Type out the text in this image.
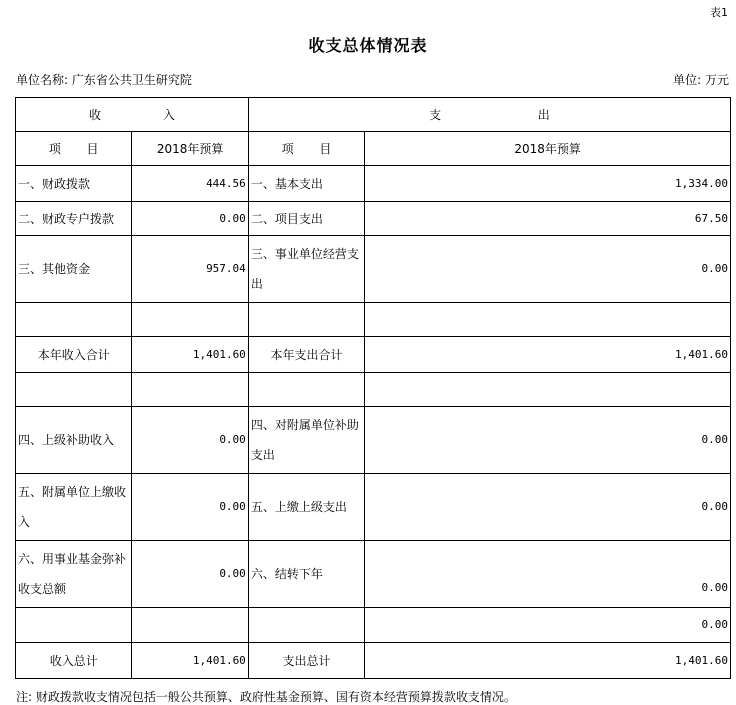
表1
收支总体情况表
单位名称: 广东省公共卫生研究院	单位: 万元
收 入		支 出	

项 目	2018年预算	项 目	2018年预算
一、财政拨款	444.56	一、基本支出	1,334.00
二、财政专户拨款	0.00	二、项目支出	67.50
三、其他资金	957.04	三、事业单位经营支出	0.00

本年收入合计	1,401.60	本年支出合计	1,401.60

四、上级补助收入	0.00	四、对附属单位补助支出	0.00
五、附属单位上缴收入	0.00	五、上缴上级支出	0.00
六、用事业基金弥补收支总额	0.00	六、结转下年	0.00
			0.00
收入总计	1,401.60	支出总计	1,401.60
注: 财政拨款收支情况包括一般公共预算、政府性基金预算、国有资本经营预算拨款收支情况。
